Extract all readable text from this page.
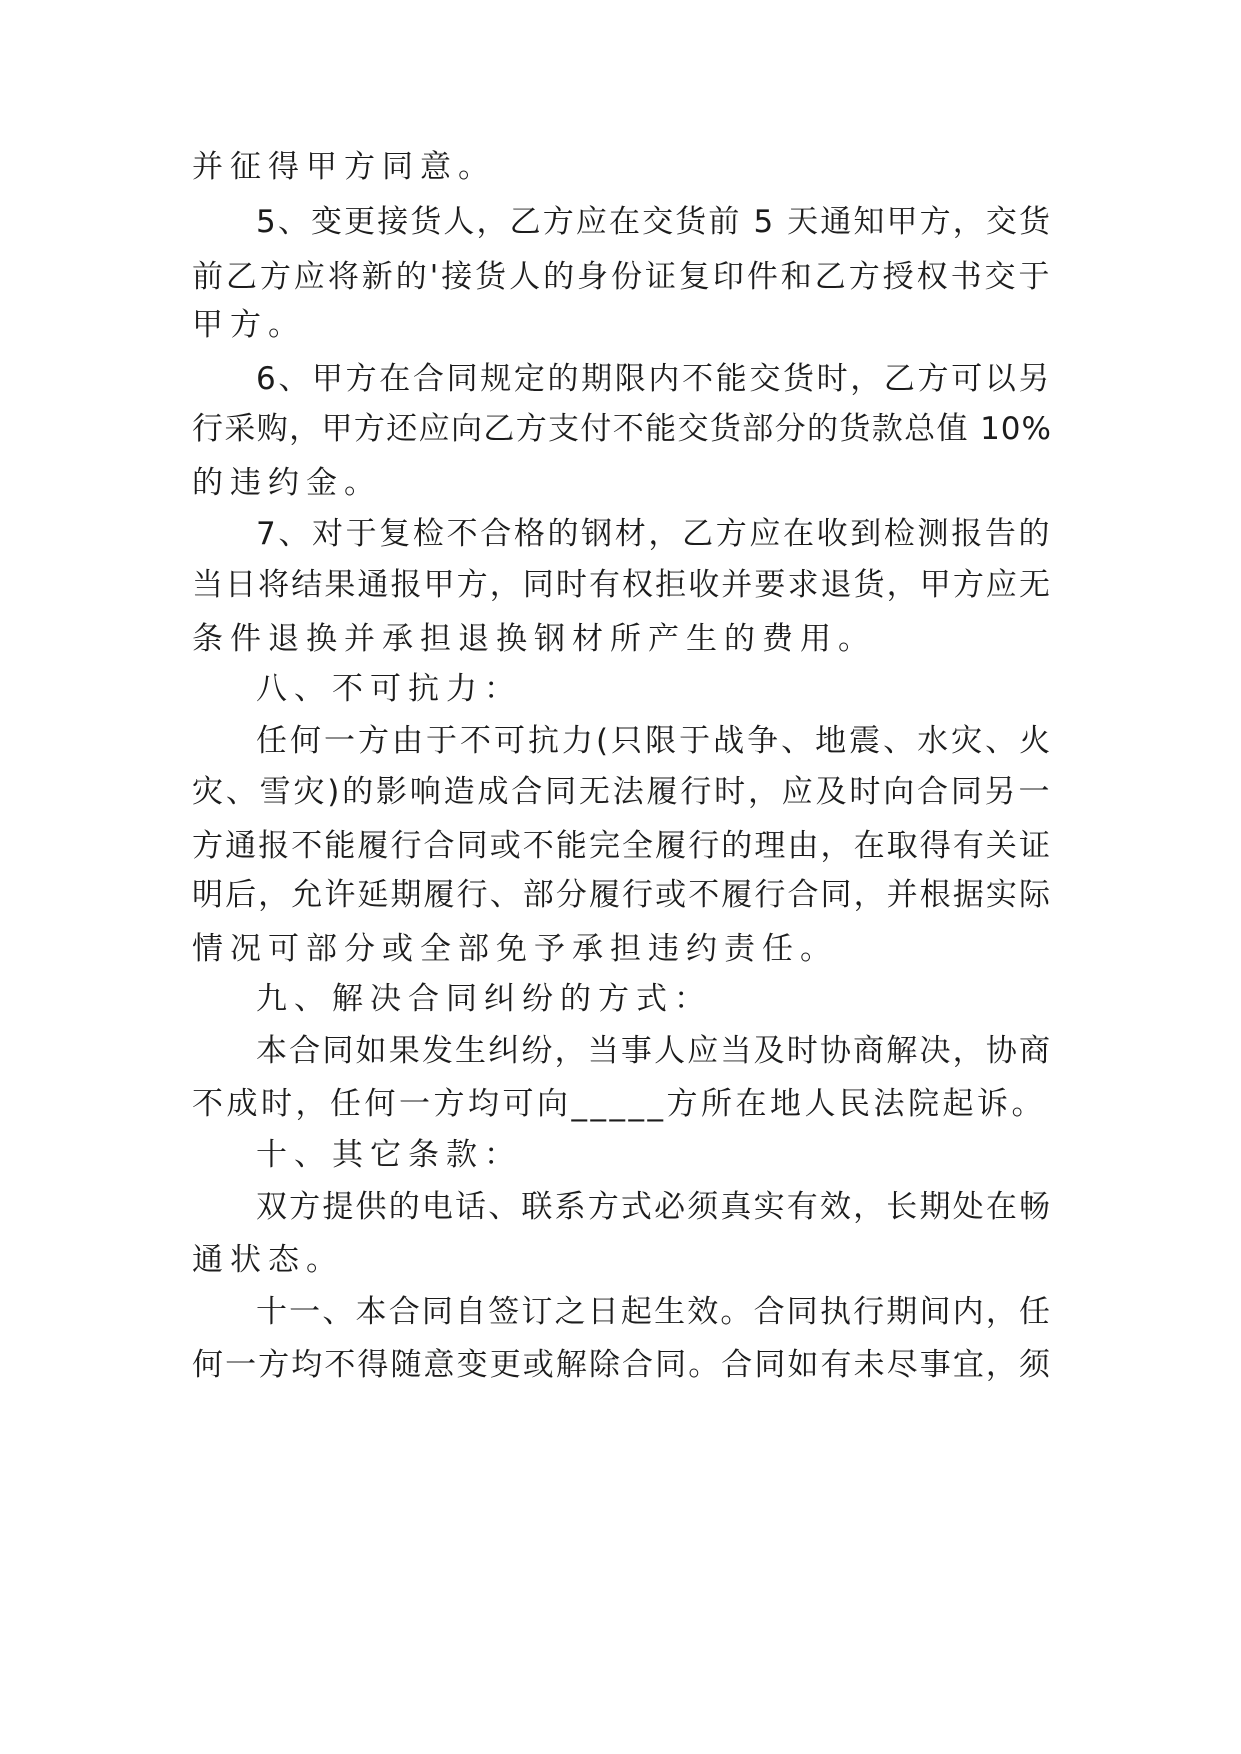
并征得甲方同意。

5、变更接货人，乙方应在交货前 5 天通知甲方，交货

前乙方应将新的'接货人的身份证复印件和乙方授权书交于

甲方。

6、甲方在合同规定的期限内不能交货时，乙方可以另

行采购，甲方还应向乙方支付不能交货部分的货款总值 10%

的违约金。

7、对于复检不合格的钢材，乙方应在收到检测报告的

当日将结果通报甲方，同时有权拒收并要求退货，甲方应无

条件退换并承担退换钢材所产生的费用。

八、不可抗力：

任何一方由于不可抗力(只限于战争、地震、水灾、火

灾、雪灾)的影响造成合同无法履行时，应及时向合同另一

方通报不能履行合同或不能完全履行的理由，在取得有关证

明后，允许延期履行、部分履行或不履行合同，并根据实际

情况可部分或全部免予承担违约责任。

九、解决合同纠纷的方式：

本合同如果发生纠纷，当事人应当及时协商解决，协商

不成时，任何一方均可向_____方所在地人民法院起诉。

十、其它条款：

双方提供的电话、联系方式必须真实有效，长期处在畅

通状态。

十一、本合同自签订之日起生效。合同执行期间内，任

何一方均不得随意变更或解除合同。合同如有未尽事宜，须
